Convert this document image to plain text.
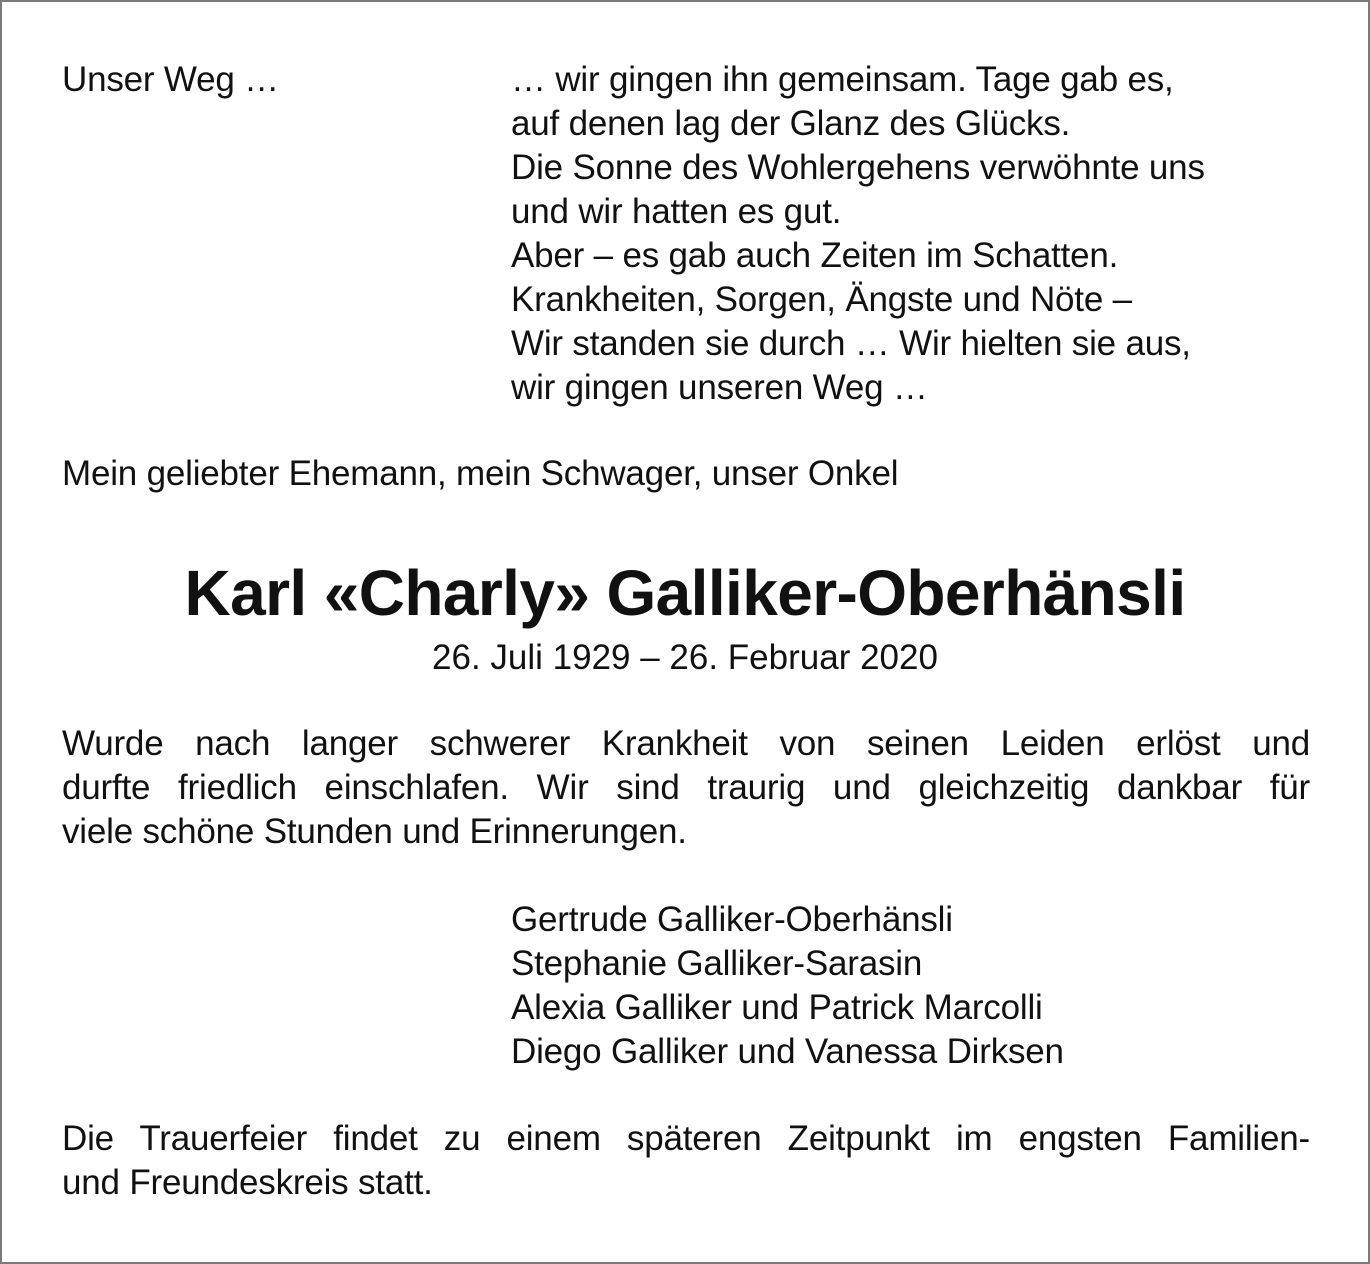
Unser Weg …	… wir gingen ihn gemeinsam. Tage gab es,
auf denen lag der Glanz des Glücks.
Die Sonne des Wohlergehens verwöhnte uns
und wir hatten es gut.
Aber – es gab auch Zeiten im Schatten.
Krankheiten, Sorgen, Ängste und Nöte –
Wir standen sie durch … Wir hielten sie aus,
wir gingen unseren Weg …
Mein geliebter Ehemann, mein Schwager, unser Onkel
Karl «Charly» Galliker-Oberhänsli
26. Juli 1929 – 26. Februar 2020
Wurde nach langer schwerer Krankheit von seinen Leiden erlöst und
durfte friedlich einschlafen. Wir sind traurig und gleichzeitig dankbar für
viele schöne Stunden und Erinnerungen.
Gertrude Galliker-Oberhänsli
Stephanie Galliker-Sarasin
Alexia Galliker und Patrick Marcolli
Diego Galliker und Vanessa Dirksen
Die Trauerfeier findet zu einem späteren Zeitpunkt im engsten Familien-
und Freundeskreis statt.
